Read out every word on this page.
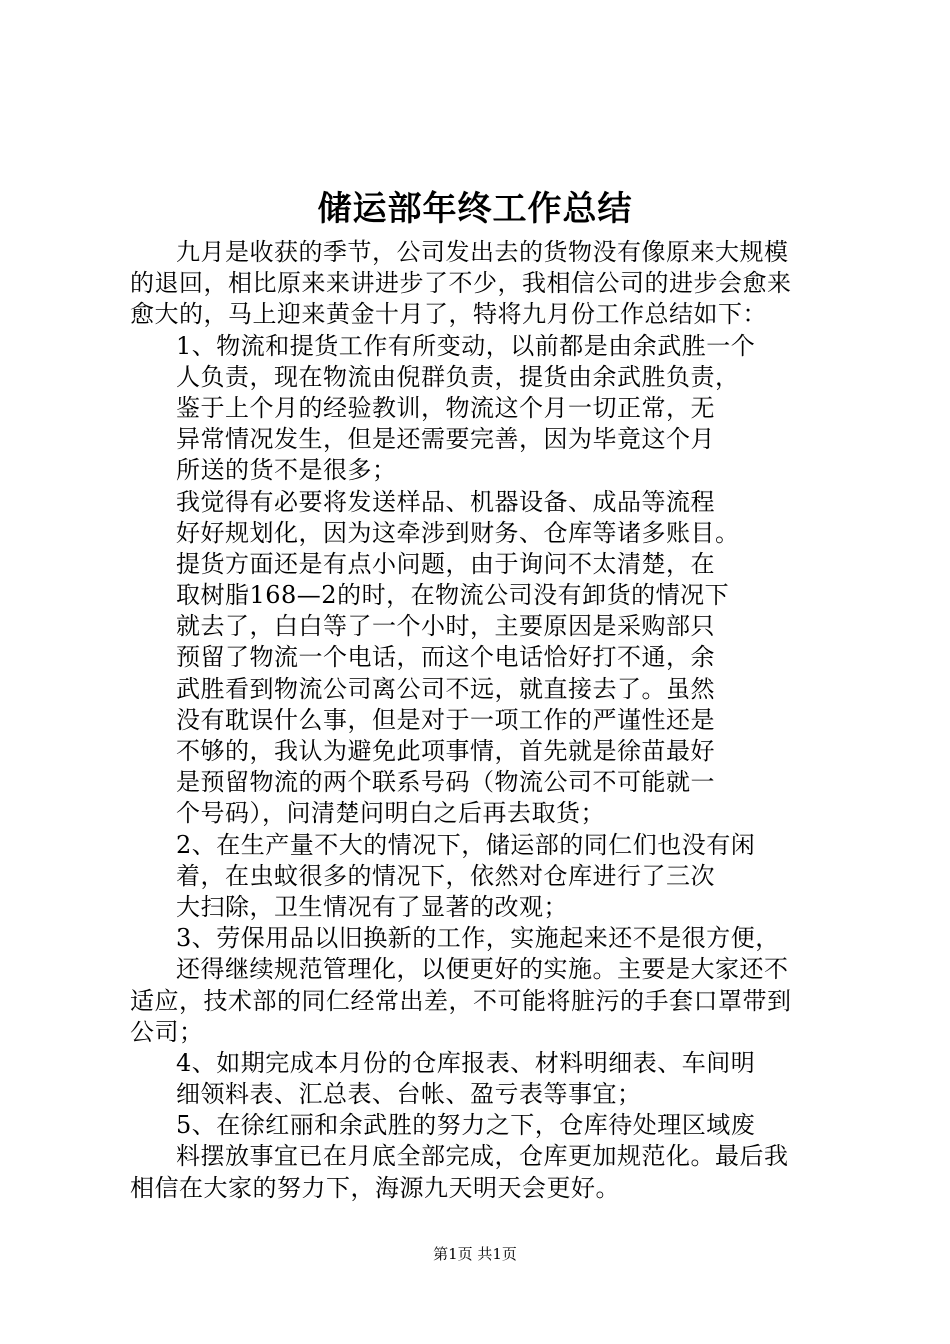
储运部年终工作总结
九月是收获的季节，公司发出去的货物没有像原来大规模
的退回，相比原来来讲进步了不少，我相信公司的进步会愈来
愈大的，马上迎来黄金十月了，特将九月份工作总结如下：
1、物流和提货工作有所变动，以前都是由余武胜一个
人负责，现在物流由倪群负责，提货由余武胜负责，
鉴于上个月的经验教训，物流这个月一切正常，无
异常情况发生，但是还需要完善，因为毕竟这个月
所送的货不是很多；
我觉得有必要将发送样品、机器设备、成品等流程
好好规划化，因为这牵涉到财务、仓库等诸多账目。
提货方面还是有点小问题，由于询问不太清楚，在
取树脂168—2的时，在物流公司没有卸货的情况下
就去了，白白等了一个小时，主要原因是采购部只
预留了物流一个电话，而这个电话恰好打不通，余
武胜看到物流公司离公司不远，就直接去了。虽然
没有耽误什么事，但是对于一项工作的严谨性还是
不够的，我认为避免此项事情，首先就是徐苗最好
是预留物流的两个联系号码（物流公司不可能就一
个号码），问清楚问明白之后再去取货；
2、在生产量不大的情况下，储运部的同仁们也没有闲
着，在虫蚊很多的情况下，依然对仓库进行了三次
大扫除，卫生情况有了显著的改观；
3、劳保用品以旧换新的工作，实施起来还不是很方便，
还得继续规范管理化，以便更好的实施。主要是大家还不
适应，技术部的同仁经常出差，不可能将脏污的手套口罩带到
公司；
4、如期完成本月份的仓库报表、材料明细表、车间明
细领料表、汇总表、台帐、盈亏表等事宜；
5、在徐红丽和余武胜的努力之下，仓库待处理区域废
料摆放事宜已在月底全部完成，仓库更加规范化。最后我
相信在大家的努力下，海源九天明天会更好。
第1页 共1页
